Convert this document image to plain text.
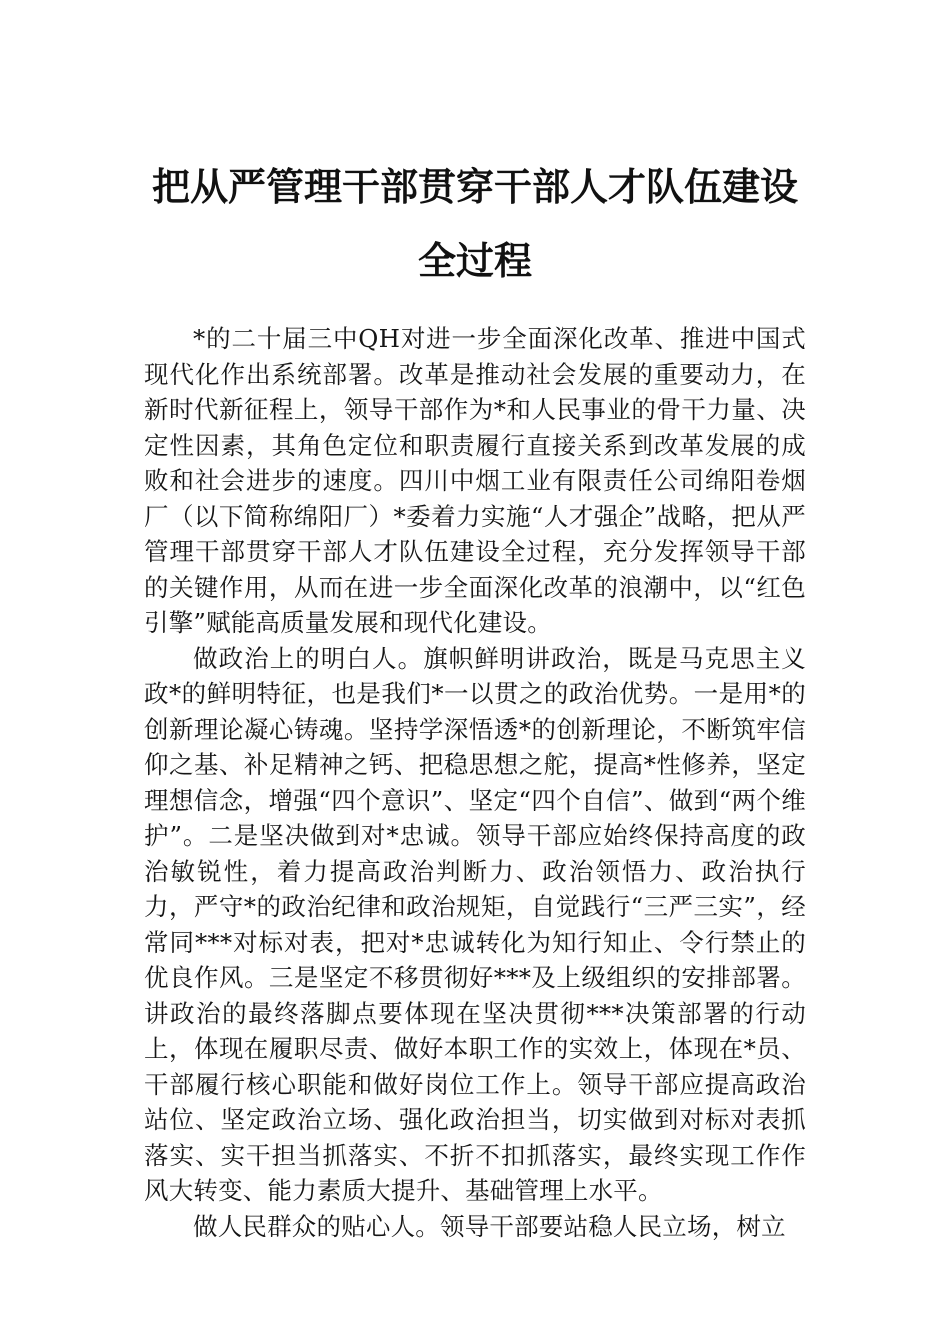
把从严管理干部贯穿干部人才队伍建设全过程

*的二十届三中QH对进一步全面深化改革、推进中国式现代化作出系统部署。改革是推动社会发展的重要动力，在新时代新征程上，领导干部作为*和人民事业的骨干力量、决定性因素，其角色定位和职责履行直接关系到改革发展的成败和社会进步的速度。四川中烟工业有限责任公司绵阳卷烟厂（以下简称绵阳厂）*委着力实施“人才强企”战略，把从严管理干部贯穿干部人才队伍建设全过程，充分发挥领导干部的关键作用，从而在进一步全面深化改革的浪潮中，以“红色引擎”赋能高质量发展和现代化建设。

做政治上的明白人。旗帜鲜明讲政治，既是马克思主义政*的鲜明特征，也是我们*一以贯之的政治优势。一是用*的创新理论凝心铸魂。坚持学深悟透*的创新理论，不断筑牢信仰之基、补足精神之钙、把稳思想之舵，提高*性修养，坚定理想信念，增强“四个意识”、坚定“四个自信”、做到“两个维护”。二是坚决做到对*忠诚。领导干部应始终保持高度的政治敏锐性，着力提高政治判断力、政治领悟力、政治执行力，严守*的政治纪律和政治规矩，自觉践行“三严三实”，经常同***对标对表，把对*忠诚转化为知行知止、令行禁止的优良作风。三是坚定不移贯彻好***及上级组织的安排部署。讲政治的最终落脚点要体现在坚决贯彻***决策部署的行动上，体现在履职尽责、做好本职工作的实效上，体现在*员、干部履行核心职能和做好岗位工作上。领导干部应提高政治站位、坚定政治立场、强化政治担当，切实做到对标对表抓落实、实干担当抓落实、不折不扣抓落实，最终实现工作作风大转变、能力素质大提升、基础管理上水平。

做人民群众的贴心人。领导干部要站稳人民立场，树立
